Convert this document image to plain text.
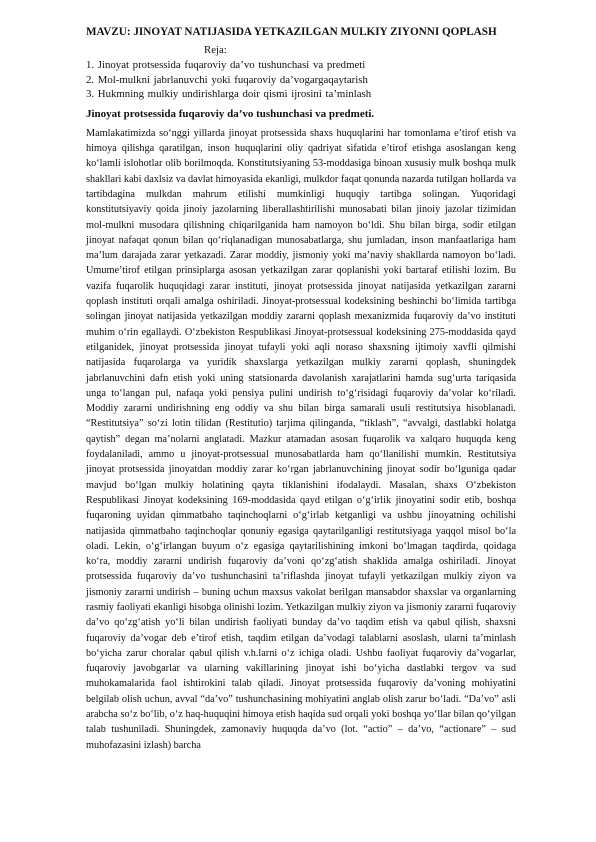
MAVZU: JINOYAT NATIJASIDA YETKAZILGAN MULKIY ZIYONNI QOPLASH
Reja:
1. Jinoyat protsessida fuqaroviy da’vo tushunchasi va predmeti
2. Mol-mulkni jabrlanuvchi yoki fuqaroviy da’vogargaqaytarish
3. Hukmning mulkiy undirishlarga doir qismi ijrosini ta’minlash
Jinoyat protsessida fuqaroviy da’vo tushunchasi va predmeti.

Mamlakatimizda so‘nggi yillarda jinoyat protsessida shaxs huquqlarini har tomonlama e’tirof etish va himoya qilishga qaratilgan, inson huquqlarini oliy qadriyat sifatida e’tirof etishga asoslangan keng ko‘lamli islohotlar olib borilmoqda. Konstitutsiyaning 53-moddasiga binoan xususiy mulk boshqa mulk shakllari kabi daxlsiz va davlat himoyasida ekanligi, mulkdor faqat qonunda nazarda tutilgan hollarda va tartibdagina mulkdan mahrum etilishi mumkinligi huquqiy tartibga solingan. Yuqoridagi konstitutsiyaviy qoida jinoiy jazolarning liberallashtirilishi munosabati bilan jinoiy jazolar tizimidan mol-mulkni musodara qilishning chiqarilganida ham namoyon bo‘ldi. Shu bilan birga, sodir etilgan jinoyat nafaqat qonun bilan qo‘riqlanadigan munosabatlarga, shu jumladan, inson manfaatlariga ham ma’lum darajada zarar yetkazadi. Zarar moddiy, jismoniy yoki ma’naviy shakllarda namoyon bo‘ladi. Umume’tirof etilgan prinsiplarga asosan yetkazilgan zarar qoplanishi yoki bartaraf etilishi lozim. Bu vazifa fuqarolik huquqidagi zarar instituti, jinoyat protsessida jinoyat natijasida yetkazilgan zararni qoplash instituti orqali amalga oshiriladi. Jinoyat-protsessual kodeksining beshinchi bo‘limida tartibga solingan jinoyat natijasida yetkazilgan moddiy zararni qoplash mexanizmida fuqaroviy da’vo instituti muhim o‘rin egallaydi. O‘zbekiston Respublikasi Jinoyat-protsessual kodeksining 275-moddasida qayd etilganidek, jinoyat protsessida jinoyat tufayli yoki aqli noraso shaxsning ijtimoiy xavfli qilmishi natijasida fuqarolarga va yuridik shaxslarga yetkazilgan mulkiy zararni qoplash, shuningdek jabrlanuvchini dafn etish yoki uning statsionarda davolanish xarajatlarini hamda sug‘urta tariqasida unga to‘langan pul, nafaqa yoki pensiya pulini undirish to‘g‘risidagi fuqaroviy da’volar ko‘riladi. Moddiy zararni undirishning eng oddiy va shu bilan birga samarali usuli restitutsiya hisoblanadi. “Restitutsiya” so‘zi lotin tilidan (Restitutio) tarjima qilinganda, “tiklash”, “avvalgi, dastlabki holatga qaytish” degan ma’nolarni anglatadi. Mazkur atamadan asosan fuqarolik va xalqaro huquqda keng foydalaniladi, ammo u jinoyat-protsessual munosabatlarda ham qo‘llanilishi mumkin. Restitutsiya jinoyat protsessida jinoyatdan moddiy zarar ko‘rgan jabrlanuvchining jinoyat sodir bo‘lguniga qadar mavjud bo‘lgan mulkiy holatining qayta tiklanishini ifodalaydi. Masalan, shaxs O‘zbekiston Respublikasi Jinoyat kodeksining 169-moddasida qayd etilgan o‘g‘irlik jinoyatini sodir etib, boshqa fuqaroning uyidan qimmatbaho taqinchoqlarni o‘g‘irlab ketganligi va ushbu jinoyatning ochilishi natijasida qimmatbaho taqinchoqlar qonuniy egasiga qaytarilganligi restitutsiyaga yaqqol misol bo‘la oladi. Lekin, o‘g‘irlangan buyum o‘z egasiga qaytarilishining imkoni bo‘lmagan taqdirda, qoidaga ko‘ra, moddiy zararni undirish fuqaroviy da’voni qo‘zg‘atish shaklida amalga oshiriladi. Jinoyat protsessida fuqaroviy da’vo tushunchasini ta’riflashda jinoyat tufayli yetkazilgan mulkiy ziyon va jismoniy zararni undirish – buning uchun maxsus vakolat berilgan mansabdor shaxslar va organlarning rasmiy faoliyati ekanligi hisobga olinishi lozim. Yetkazilgan mulkiy ziyon va jismoniy zararni fuqaroviy da’vo qo‘zg‘atish yo‘li bilan undirish faoliyati bunday da’vo taqdim etish va qabul qilish, shaxsni fuqaroviy da’vogar deb e’tirof etish, taqdim etilgan da’vodagi talablarni asoslash, ularni ta’minlash bo‘yicha zarur choralar qabul qilish v.h.larni o‘z ichiga oladi. Ushbu faoliyat fuqaroviy da’vogarlar, fuqaroviy javobgarlar va ularning vakillarining jinoyat ishi bo‘yicha dastlabki tergov va sud muhokamalarida faol ishtirokini talab qiladi. Jinoyat protsessida fuqaroviy da’voning mohiyatini belgilab olish uchun, avval “da’vo” tushunchasining mohiyatini anglab olish zarur bo‘ladi. “Da’vo” asli arabcha so‘z bo‘lib, o‘z haq-huquqini himoya etish haqida sud orqali yoki boshqa yo‘llar bilan qo‘yilgan talab tushuniladi. Shuningdek, zamonaviy huquqda da’vo (lot. “actio” – da’vo, “actionare” – sud muhofazasini izlash) barcha
